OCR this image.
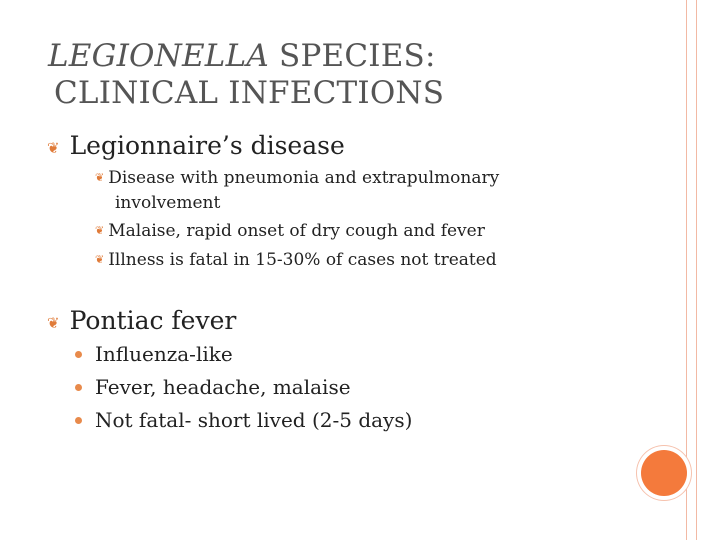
LEGIONELLA SPECIES:
CLINICAL INFECTIONS
❦ Legionnaire’s disease
❦ Disease with pneumonia and extrapulmonary
involvement
❦ Malaise, rapid onset of dry cough and fever
❦ Illness is fatal in 15-30% of cases not treated
❦ Pontiac fever
Influenza-like
Fever, headache, malaise
Not fatal- short lived (2-5 days)
